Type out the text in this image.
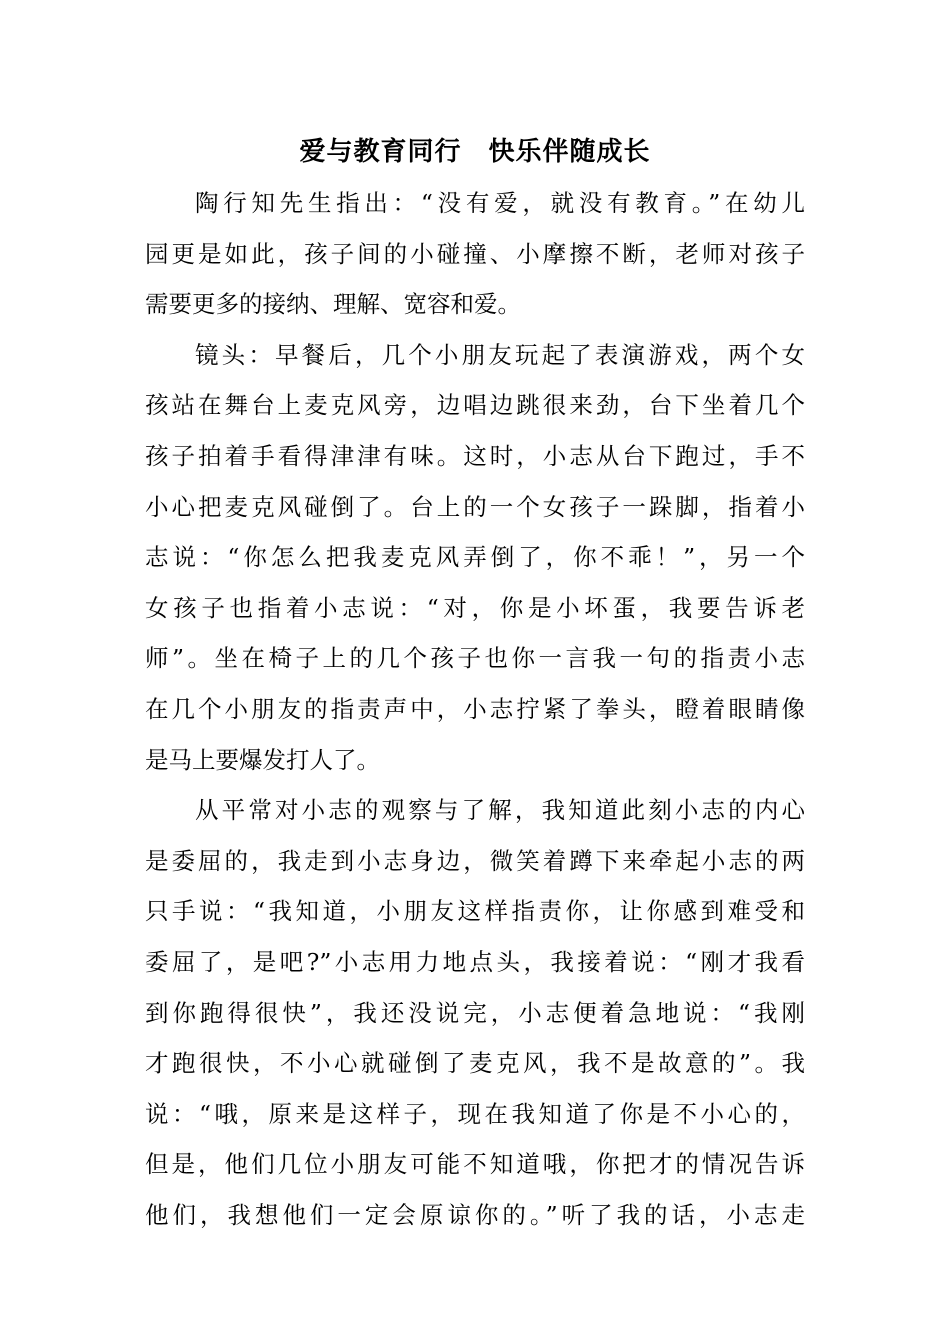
爱与教育同行　快乐伴随成长
陶行知先生指出：“没有爱，就没有教育。”在幼儿
园更是如此，孩子间的小碰撞、小摩擦不断，老师对孩子
需要更多的接纳、理解、宽容和爱。
镜头：早餐后，几个小朋友玩起了表演游戏，两个女
孩站在舞台上麦克风旁，边唱边跳很来劲，台下坐着几个
孩子拍着手看得津津有味。这时，小志从台下跑过，手不
小心把麦克风碰倒了。台上的一个女孩子一跺脚，指着小
志说：“你怎么把我麦克风弄倒了，你不乖！”，另一个
女孩子也指着小志说：“对，你是小坏蛋，我要告诉老
师”。坐在椅子上的几个孩子也你一言我一句的指责小志
在几个小朋友的指责声中，小志拧紧了拳头，瞪着眼睛像
是马上要爆发打人了。
从平常对小志的观察与了解，我知道此刻小志的内心
是委屈的，我走到小志身边，微笑着蹲下来牵起小志的两
只手说：“我知道，小朋友这样指责你，让你感到难受和
委屈了，是吧?”小志用力地点头，我接着说：“刚才我看
到你跑得很快”，我还没说完，小志便着急地说：“我刚
才跑很快，不小心就碰倒了麦克风，我不是故意的”。我
说：“哦，原来是这样子，现在我知道了你是不小心的，
但是，他们几位小朋友可能不知道哦，你把才的情况告诉
他们，我想他们一定会原谅你的。”听了我的话，小志走
